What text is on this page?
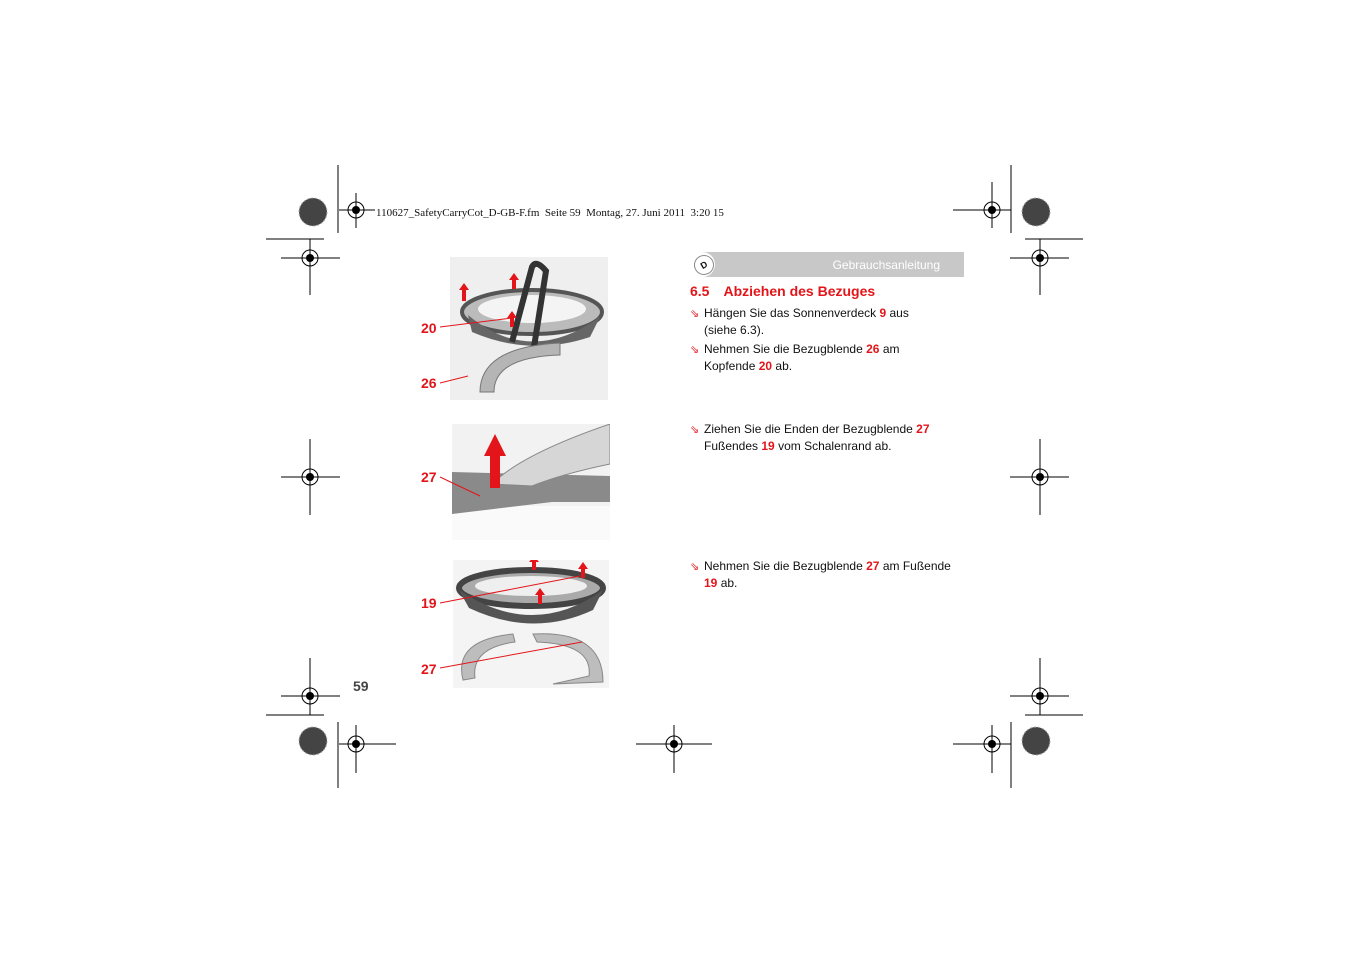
110627_SafetyCarryCot_D-GB-F.fm  Seite 59  Montag, 27. Juni 2011  3:20 15
D	Gebrauchsanleitung
6.5 Abziehen des Bezuges
⇘ Hängen Sie das Sonnenverdeck 9 aus
(siehe 6.3).
⇘ Nehmen Sie die Bezugblende 26 am
Kopfende 20 ab.
⇘ Ziehen Sie die Enden der Bezugblende 27
Fußendes 19 vom Schalenrand ab.
⇘ Nehmen Sie die Bezugblende 27 am Fußende
19 ab.
20
26
27
19
27
59
